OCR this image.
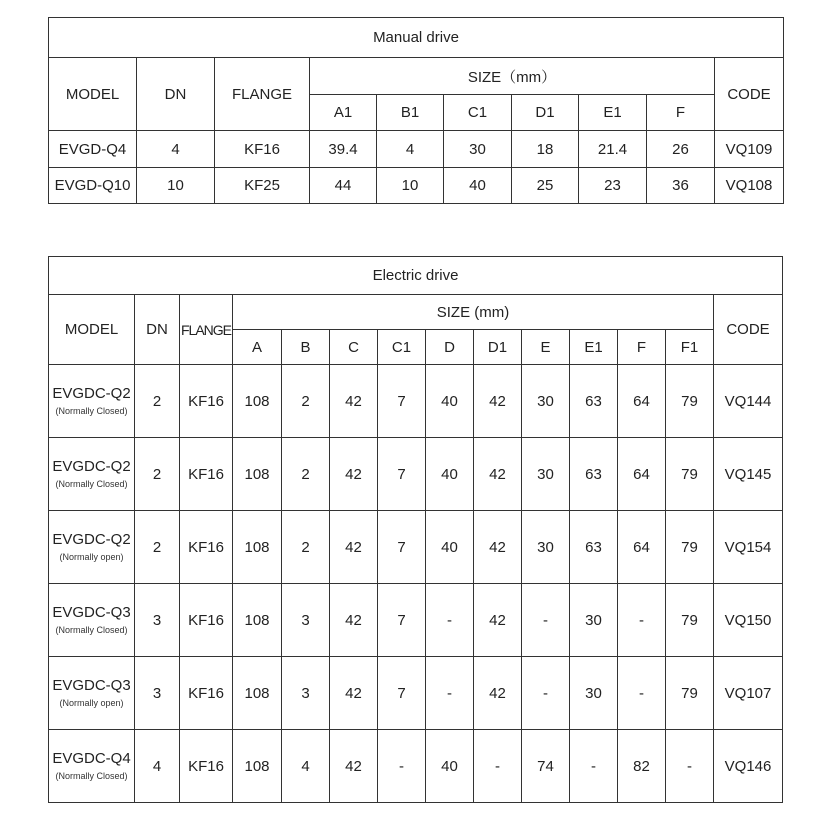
Manual drive									
MODEL	DN	FLANGE	SIZE（mm）						CODE
			A1	B1	C1	D1	E1	F	
EVGD-Q4	4	KF16	39.4	4	30	18	21.4	26	VQ109
EVGD-Q10	10	KF25	44	10	40	25	23	36	VQ108
Electric drive													
MODEL	DN	FLANGE	SIZE (mm)										CODE
			A	B	C	C1	D	D1	E	E1	F	F1	
EVGDC-Q2
(Normally Closed)	2	KF16	108	2	42	7	40	42	30	63	64	79	VQ144
EVGDC-Q2
(Normally Closed)	2	KF16	108	2	42	7	40	42	30	63	64	79	VQ145
EVGDC-Q2
(Normally open)	2	KF16	108	2	42	7	40	42	30	63	64	79	VQ154
EVGDC-Q3
(Normally Closed)	3	KF16	108	3	42	7	-	42	-	30	-	79	VQ150
EVGDC-Q3
(Normally open)	3	KF16	108	3	42	7	-	42	-	30	-	79	VQ107
EVGDC-Q4
(Normally Closed)	4	KF16	108	4	42	-	40	-	74	-	82	-	VQ146
